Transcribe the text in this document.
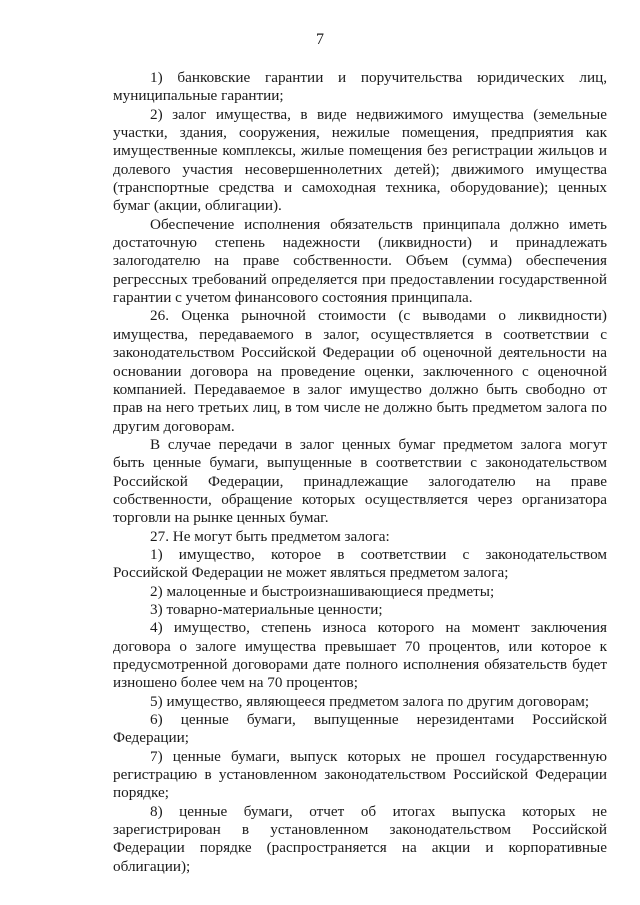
7

1) банковские гарантии и поручительства юридических лиц, муниципальные гарантии;

2) залог имущества, в виде недвижимого имущества (земельные участки, здания, сооружения, нежилые помещения, предприятия как имущественные комплексы, жилые помещения без регистрации жильцов и долевого участия несовершеннолетних детей); движимого имущества (транспортные средства и самоходная техника, оборудование); ценных бумаг (акции, облигации).

Обеспечение исполнения обязательств принципала должно иметь достаточную степень надежности (ликвидности) и принадлежать залогодателю на праве собственности. Объем (сумма) обеспечения регрессных требований определяется при предоставлении государственной гарантии с учетом финансового состояния принципала.

26. Оценка рыночной стоимости (с выводами о ликвидности) имущества, передаваемого в залог, осуществляется в соответствии с законодательством Российской Федерации об оценочной деятельности на основании договора на проведение оценки, заключенного с оценочной компанией. Передаваемое в залог имущество должно быть свободно от прав на него третьих лиц, в том числе не должно быть предметом залога по другим договорам.

В случае передачи в залог ценных бумаг предметом залога могут быть ценные бумаги, выпущенные в соответствии с законодательством Российской Федерации, принадлежащие залогодателю на праве собственности, обращение которых осуществляется через организатора торговли на рынке ценных бумаг.

27. Не могут быть предметом залога:

1) имущество, которое в соответствии с законодательством Российской Федерации не может являться предметом залога;

2) малоценные и быстроизнашивающиеся предметы;

3) товарно-материальные ценности;

4) имущество, степень износа которого на момент заключения договора о залоге имущества превышает 70 процентов, или которое к предусмотренной договорами дате полного исполнения обязательств будет изношено более чем на 70 процентов;

5) имущество, являющееся предметом залога по другим договорам;

6) ценные бумаги, выпущенные нерезидентами Российской Федерации;

7) ценные бумаги, выпуск которых не прошел государственную регистрацию в установленном законодательством Российской Федерации порядке;

8) ценные бумаги, отчет об итогах выпуска которых не зарегистрирован в установленном законодательством Российской Федерации порядке (распространяется на акции и корпоративные облигации);
